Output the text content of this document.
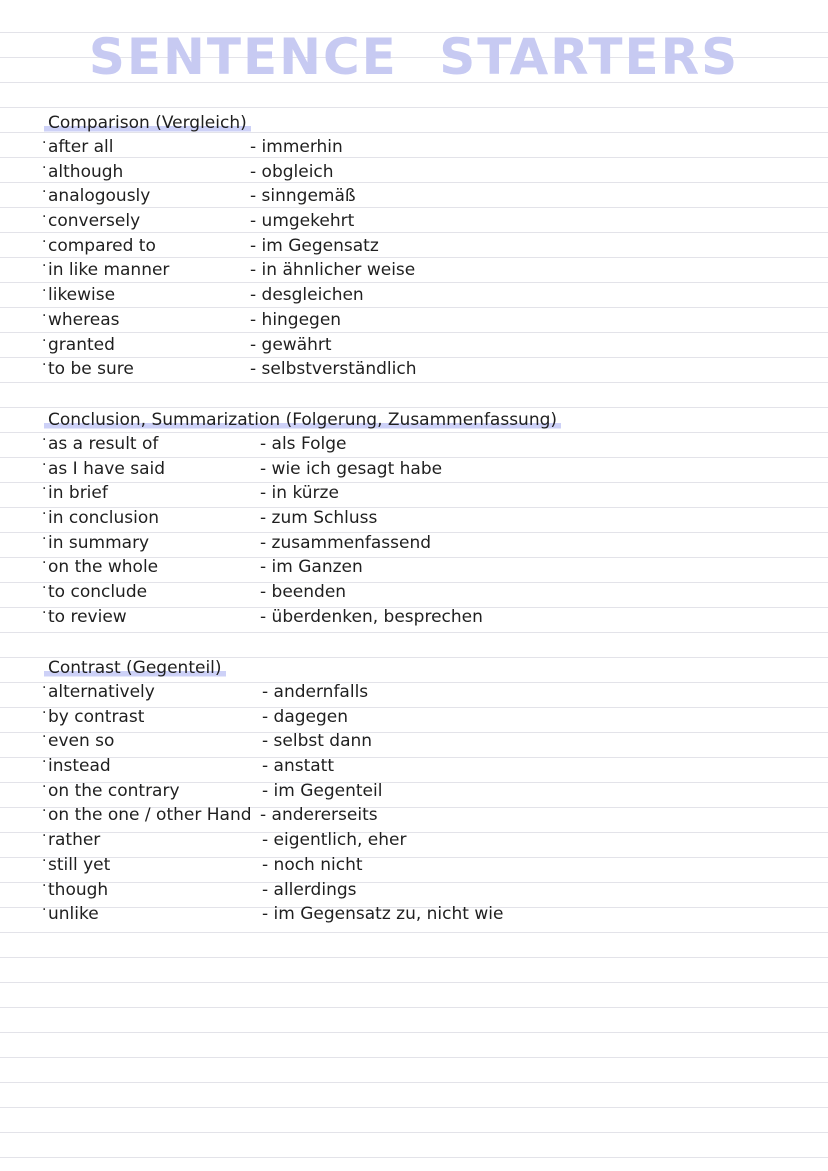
SENTENCE STARTERS
Comparison (Vergleich)
· after all	- immerhin
· although	- obgleich
· analogously	- sinngemäß
· conversely	- umgekehrt
· compared to	- im Gegensatz
· in like manner	- in ähnlicher weise
· likewise	- desgleichen
· whereas	- hingegen
· granted	- gewährt
· to be sure	- selbstverständlich
Conclusion, Summarization (Folgerung, Zusammenfassung)
· as a result of	- als Folge
· as I have said	- wie ich gesagt habe
· in brief	- in kürze
· in conclusion	- zum Schluss
· in summary	- zusammenfassend
· on the whole	- im Ganzen
· to conclude	- beenden
· to review	- überdenken, besprechen
Contrast (Gegenteil)
· alternatively	- andernfalls
· by contrast	- dagegen
· even so	- selbst dann
· instead	- anstatt
· on the contrary	- im Gegenteil
· on the one / other Hand - andererseits
· rather	- eigentlich, eher
· still yet	- noch nicht
· though	- allerdings
· unlike	- im Gegensatz zu, nicht wie
